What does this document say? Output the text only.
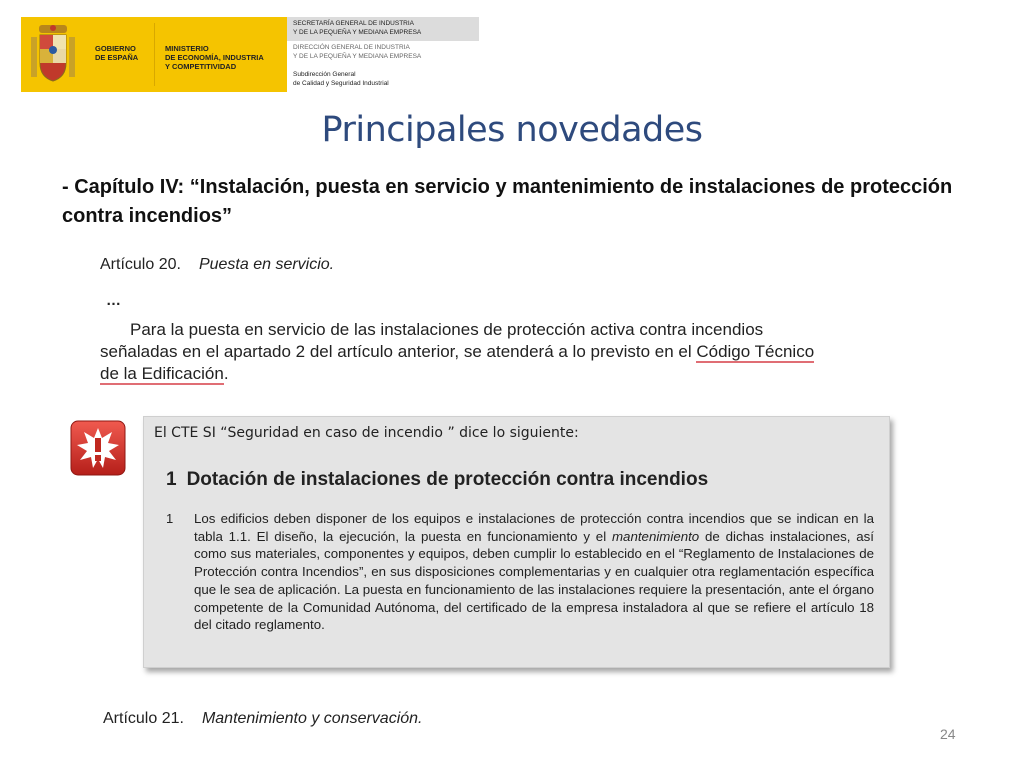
GOBIERNO
DE ESPAÑA
MINISTERIO
DE ECONOMÍA, INDUSTRIA
Y COMPETITIVIDAD
SECRETARÍA GENERAL DE INDUSTRIA
Y DE LA PEQUEÑA Y MEDIANA EMPRESA
DIRECCIÓN GENERAL DE INDUSTRIA
Y DE LA PEQUEÑA Y MEDIANA EMPRESA
Subdirección General
de Calidad y Seguridad Industrial
Principales novedades
- Capítulo IV: “Instalación, puesta en servicio y mantenimiento de instalaciones de protección contra incendios”
Artículo 20. Puesta en servicio.
…
Para la puesta en servicio de las instalaciones de protección activa contra incendios señaladas en el apartado 2 del artículo anterior, se atenderá a lo previsto en el Código Técnico de la Edificación.
El CTE SI “Seguridad en caso de incendio ” dice lo siguiente:
1 Dotación de instalaciones de protección contra incendios
1 Los edificios deben disponer de los equipos e instalaciones de protección contra incendios que se indican en la tabla 1.1. El diseño, la ejecución, la puesta en funcionamiento y el mantenimiento de dichas instalaciones, así como sus materiales, componentes y equipos, deben cumplir lo establecido en el “Reglamento de Instalaciones de Protección contra Incendios”, en sus disposiciones complementarias y en cualquier otra reglamentación específica que le sea de aplicación. La puesta en funcionamiento de las instalaciones requiere la presentación, ante el órgano competente de la Comunidad Autónoma, del certificado de la empresa instaladora al que se refiere el artículo 18 del citado reglamento.
Artículo 21. Mantenimiento y conservación.
24
